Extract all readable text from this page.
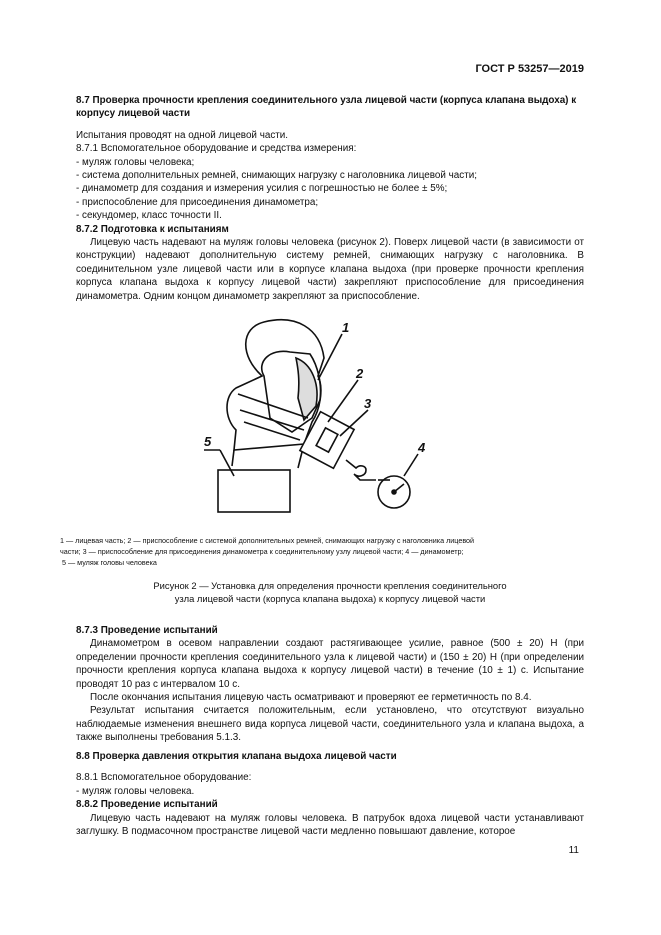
ГОСТ Р 53257—2019

8.7 Проверка прочности крепления соединительного узла лицевой части (корпуса клапана выдоха) к корпусу лицевой части

Испытания проводят на одной лицевой части.

8.7.1 Вспомогательное оборудование и средства измерения:

- муляж головы человека;

- система дополнительных ремней, снимающих нагрузку с наголовника лицевой части;

- динамометр для создания и измерения усилия с погрешностью не более ± 5%;

- приспособление для присоединения динамометра;

- секундомер, класс точности II.

8.7.2 Подготовка к испытаниям

Лицевую часть надевают на муляж головы человека (рисунок 2). Поверх лицевой части (в зависимости от конструкции) надевают дополнительную систему ремней, снимающих нагрузку с наголовника. В соединительном узле лицевой части или в корпусе клапана выдоха (при проверке прочности крепления корпуса клапана выдоха к корпусу лицевой части) закрепляют приспособление для присоединения динамометра. Одним концом динамометр закрепляют за приспособление.

1
2
3
4
5
1 — лицевая часть; 2 — приспособление с системой дополнительных ремней, снимающих нагрузку с наголовника лицевой
части; 3 — приспособление для присоединения динамометра к соединительному узлу лицевой части; 4 — динамометр;
5 — муляж головы человека
Рисунок 2 — Установка для определения прочности крепления соединительного
узла лицевой части (корпуса клапана выдоха) к корпусу лицевой части

8.7.3 Проведение испытаний

Динамометром в осевом направлении создают растягивающее усилие, равное (500 ± 20) Н (при определении прочности крепления соединительного узла к лицевой части) и (150 ± 20) Н (при определении прочности крепления корпуса клапана выдоха к корпусу лицевой части) в течение (10 ± 1) с. Испытание проводят 10 раз с интервалом 10 с.

После окончания испытания лицевую часть осматривают и проверяют ее герметичность по 8.4.

Результат испытания считается положительным, если установлено, что отсутствуют визуально наблюдаемые изменения внешнего вида корпуса лицевой части, соединительного узла и клапана выдоха, а также выполнены требования 5.1.3.

8.8 Проверка давления открытия клапана выдоха лицевой части

8.8.1 Вспомогательное оборудование:

- муляж головы человека.

8.8.2 Проведение испытаний

Лицевую часть надевают на муляж головы человека. В патрубок вдоха лицевой части устанавливают заглушку. В подмасочном пространстве лицевой части медленно повышают давление, которое

11
